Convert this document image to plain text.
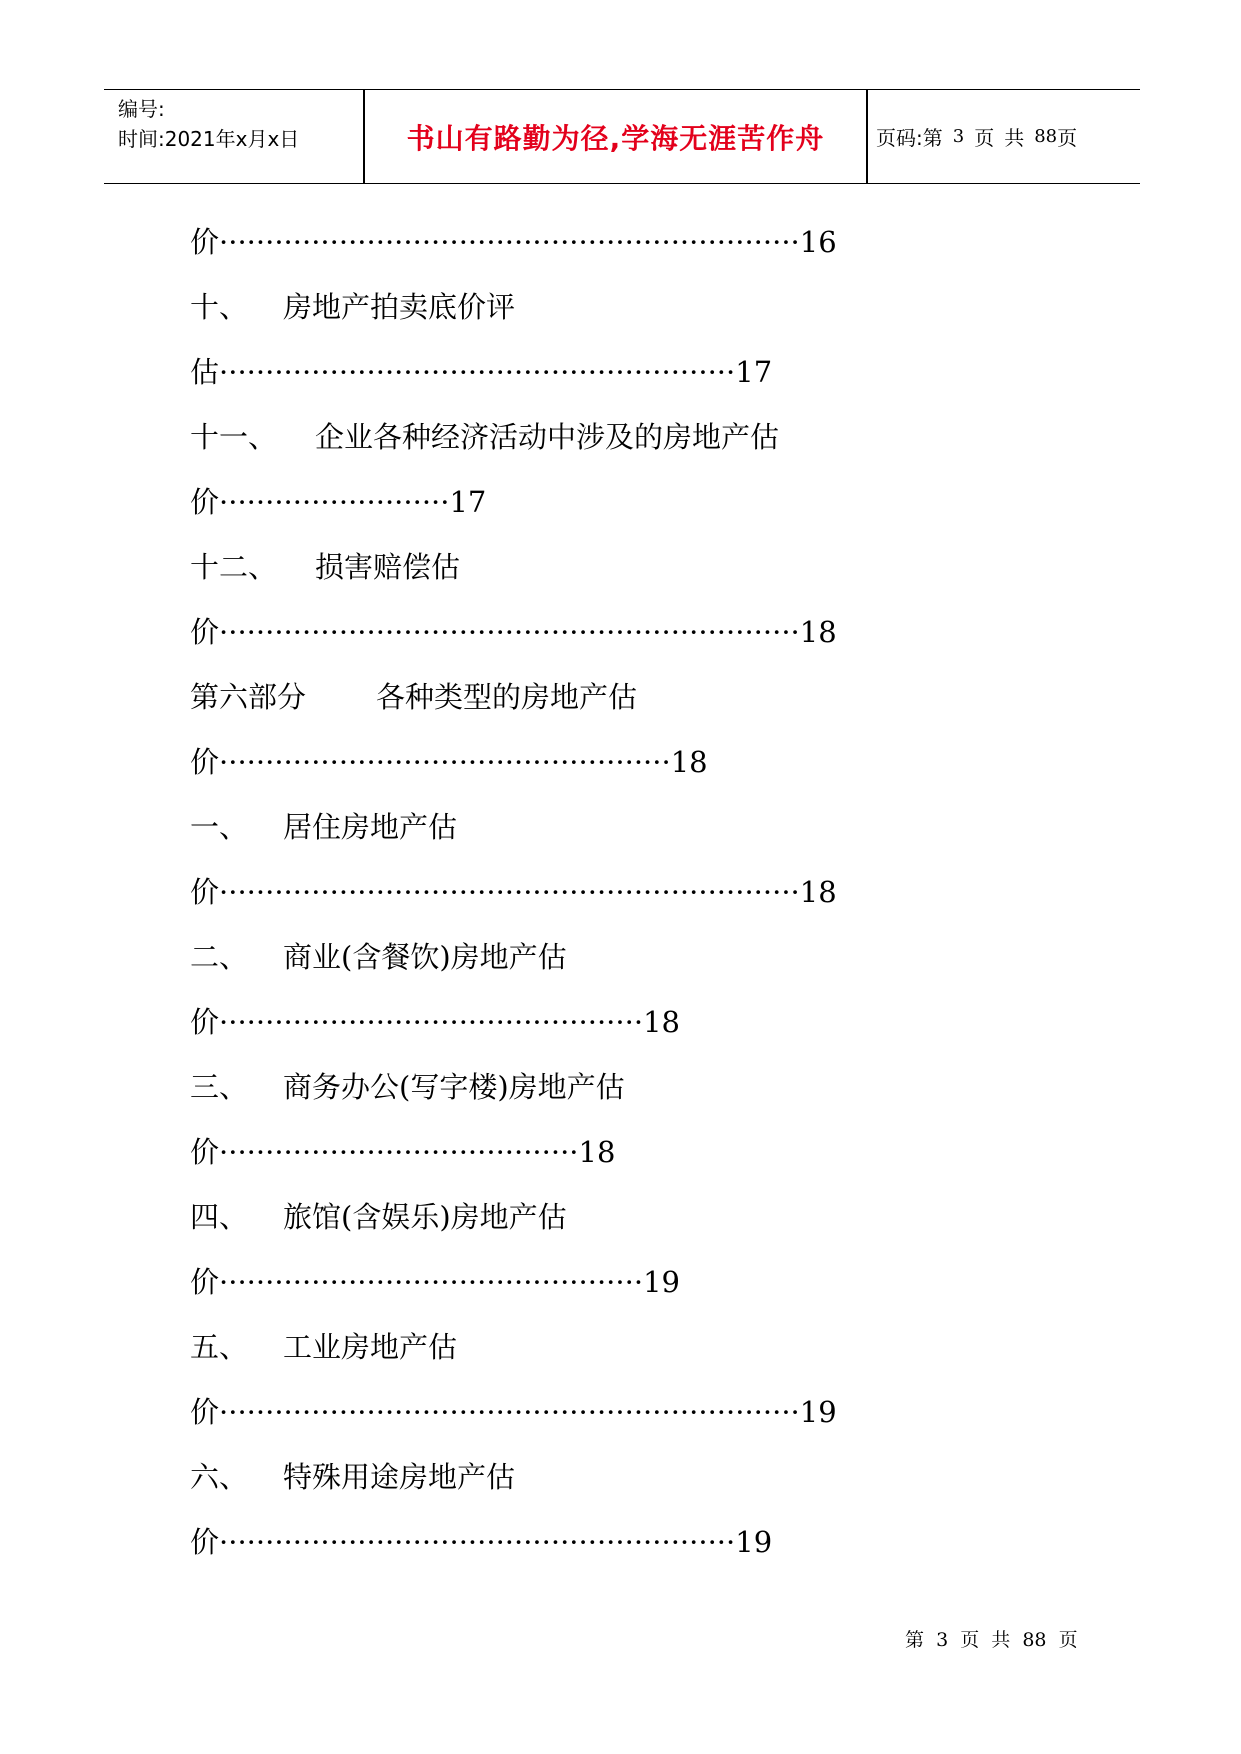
编号:
时间:2021年x月x日	书山有路勤为径,学海无涯苦作舟	页码:第 3 页 共 88 页
价·······························································16
十、 房地产拍卖底价评
估························································17
十一、 企业各种经济活动中涉及的房地产估
价·························17
十二、 损害赔偿估
价·······························································18
第六部分 各种类型的房地产估
价·················································18
一、 居住房地产估
价·······························································18
二、 商业(含餐饮)房地产估
价··············································18
三、 商务办公(写字楼)房地产估
价·······································18
四、 旅馆(含娱乐)房地产估
价··············································19
五、 工业房地产估
价·······························································19
六、 特殊用途房地产估
价························································19
第 3 页 共 88 页
